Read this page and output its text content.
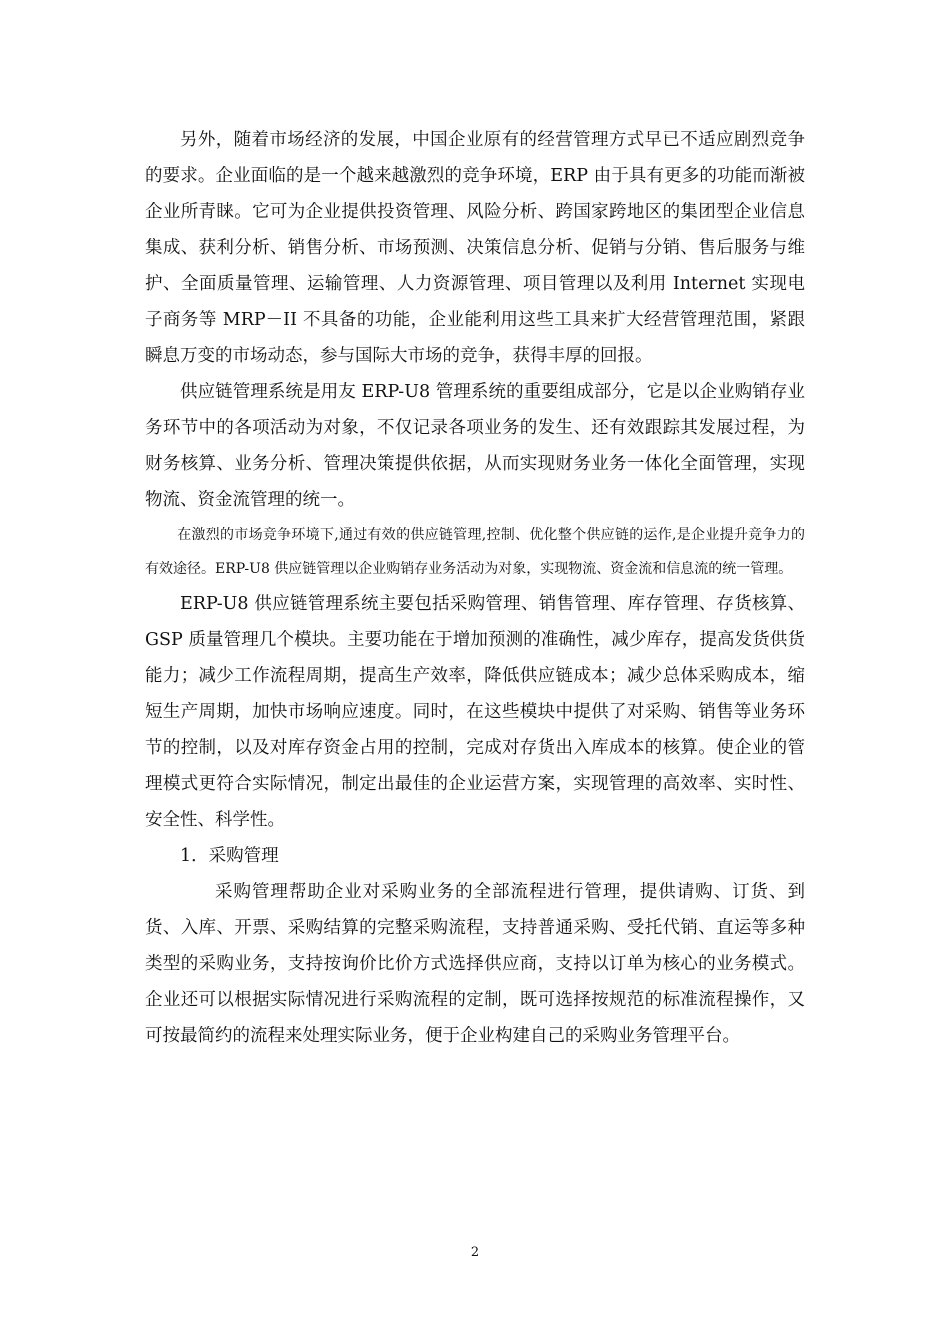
另外，随着市场经济的发展，中国企业原有的经营管理方式早已不适应剧烈竞争的要求。企业面临的是一个越来越激烈的竞争环境，ERP 由于具有更多的功能而渐被企业所青睐。它可为企业提供投资管理、风险分析、跨国家跨地区的集团型企业信息集成、获利分析、销售分析、市场预测、决策信息分析、促销与分销、售后服务与维护、全面质量管理、运输管理、人力资源管理、项目管理以及利用 Internet 实现电子商务等 MRP－II 不具备的功能，企业能利用这些工具来扩大经营管理范围，紧跟瞬息万变的市场动态，参与国际大市场的竞争，获得丰厚的回报。

供应链管理系统是用友 ERP-U8 管理系统的重要组成部分，它是以企业购销存业务环节中的各项活动为对象，不仅记录各项业务的发生、还有效跟踪其发展过程，为财务核算、业务分析、管理决策提供依据，从而实现财务业务一体化全面管理，实现物流、资金流管理的统一。

在激烈的市场竞争环境下,通过有效的供应链管理,控制、优化整个供应链的运作,是企业提升竞争力的有效途径。ERP-U8 供应链管理以企业购销存业务活动为对象，实现物流、资金流和信息流的统一管理。

ERP-U8 供应链管理系统主要包括采购管理、销售管理、库存管理、存货核算、GSP 质量管理几个模块。主要功能在于增加预测的准确性，减少库存，提高发货供货能力；减少工作流程周期，提高生产效率，降低供应链成本；减少总体采购成本，缩短生产周期，加快市场响应速度。同时，在这些模块中提供了对采购、销售等业务环节的控制，以及对库存资金占用的控制，完成对存货出入库成本的核算。使企业的管理模式更符合实际情况，制定出最佳的企业运营方案，实现管理的高效率、实时性、安全性、科学性。

1．采购管理

采购管理帮助企业对采购业务的全部流程进行管理，提供请购、订货、到货、入库、开票、采购结算的完整采购流程，支持普通采购、受托代销、直运等多种类型的采购业务，支持按询价比价方式选择供应商，支持以订单为核心的业务模式。企业还可以根据实际情况进行采购流程的定制，既可选择按规范的标准流程操作，又可按最简约的流程来处理实际业务，便于企业构建自己的采购业务管理平台。

2
